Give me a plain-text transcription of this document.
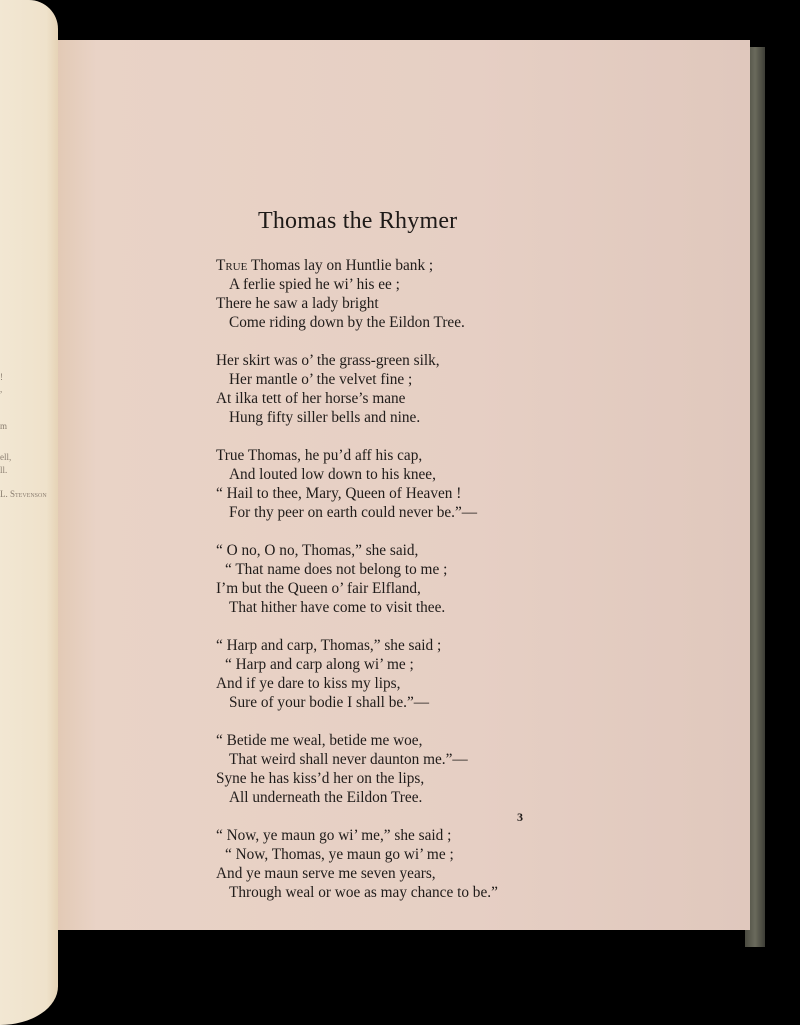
!
,
m
ell,
ll.
L. Stevenson
Thomas the Rhymer
True Thomas lay on Huntlie bank ;
A ferlie spied he wi’ his ee ;
There he saw a lady bright
Come riding down by the Eildon Tree.
Her skirt was o’ the grass-green silk,
Her mantle o’ the velvet fine ;
At ilka tett of her horse’s mane
Hung fifty siller bells and nine.
True Thomas, he pu’d aff his cap,
And louted low down to his knee,
“ Hail to thee, Mary, Queen of Heaven !
For thy peer on earth could never be.”—
“ O no, O no, Thomas,” she said,
“ That name does not belong to me ;
I’m but the Queen o’ fair Elfland,
That hither have come to visit thee.
“ Harp and carp, Thomas,” she said ;
“ Harp and carp along wi’ me ;
And if ye dare to kiss my lips,
Sure of your bodie I shall be.”—
“ Betide me weal, betide me woe,
That weird shall never daunton me.”—
Syne he has kiss’d her on the lips,
All underneath the Eildon Tree.
“ Now, ye maun go wi’ me,” she said ;
“ Now, Thomas, ye maun go wi’ me ;
And ye maun serve me seven years,
Through weal or woe as may chance to be.”
3
